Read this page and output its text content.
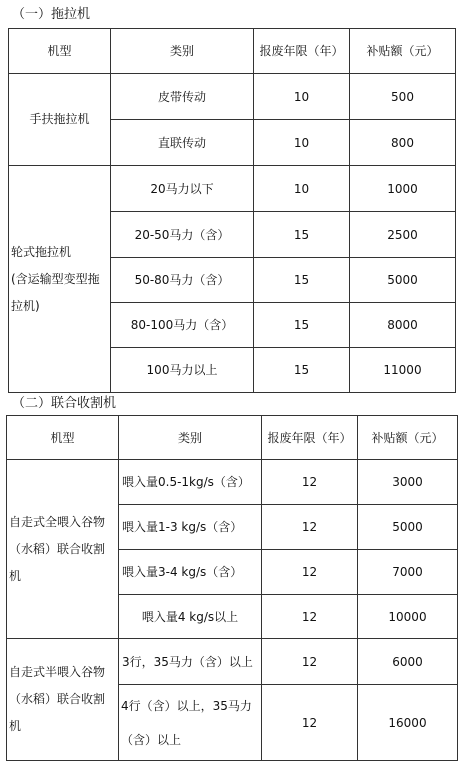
（一）拖拉机
机型	类别	报废年限（年）	补贴额（元）
手扶拖拉机	皮带传动	10	500
	直联传动	10	800
轮式拖拉机
(含运输型变型拖
拉机)	20马力以下	10	1000
	20-50马力（含）	15	2500
	50-80马力（含）	15	5000
	80-100马力（含）	15	8000
	100马力以上	15	11000
（二）联合收割机
机型	类别	报废年限（年）	补贴额（元）
自走式全喂入谷物
（水稻）联合收割
机	喂入量0.5-1kg/s（含）	12	3000
	喂入量1-3 kg/s（含）	12	5000
	喂入量3-4 kg/s（含）	12	7000
	喂入量4 kg/s以上	12	10000
自走式半喂入谷物
（水稻）联合收割
机	3行，35马力（含）以上	12	6000
	4行（含）以上，35马力
（含）以上	12	16000
